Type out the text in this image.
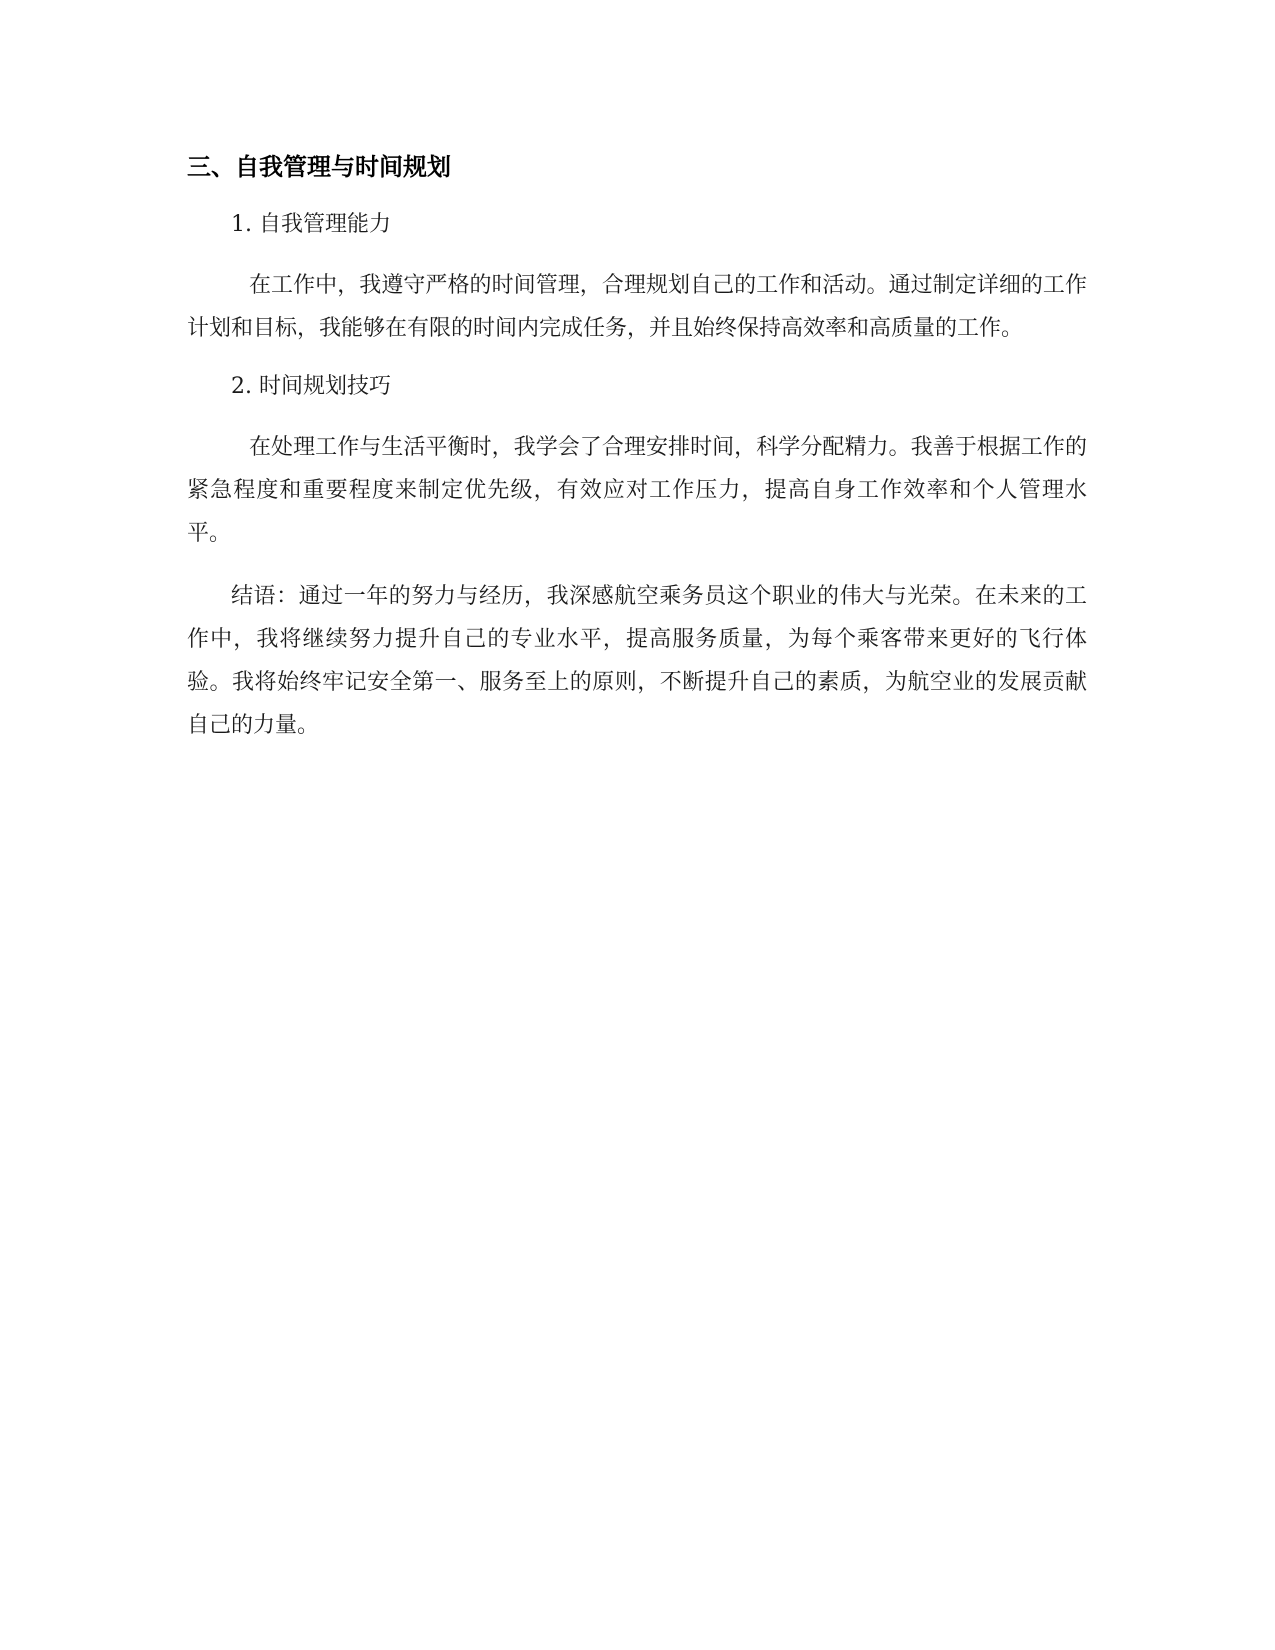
三、自我管理与时间规划

1. 自我管理能力

在工作中，我遵守严格的时间管理，合理规划自己的工作和活动。通过制定详细的工作计划和目标，我能够在有限的时间内完成任务，并且始终保持高效率和高质量的工作。

2. 时间规划技巧

在处理工作与生活平衡时，我学会了合理安排时间，科学分配精力。我善于根据工作的紧急程度和重要程度来制定优先级，有效应对工作压力，提高自身工作效率和个人管理水平。

结语：通过一年的努力与经历，我深感航空乘务员这个职业的伟大与光荣。在未来的工作中，我将继续努力提升自己的专业水平，提高服务质量，为每个乘客带来更好的飞行体验。我将始终牢记安全第一、服务至上的原则，不断提升自己的素质，为航空业的发展贡献自己的力量。
